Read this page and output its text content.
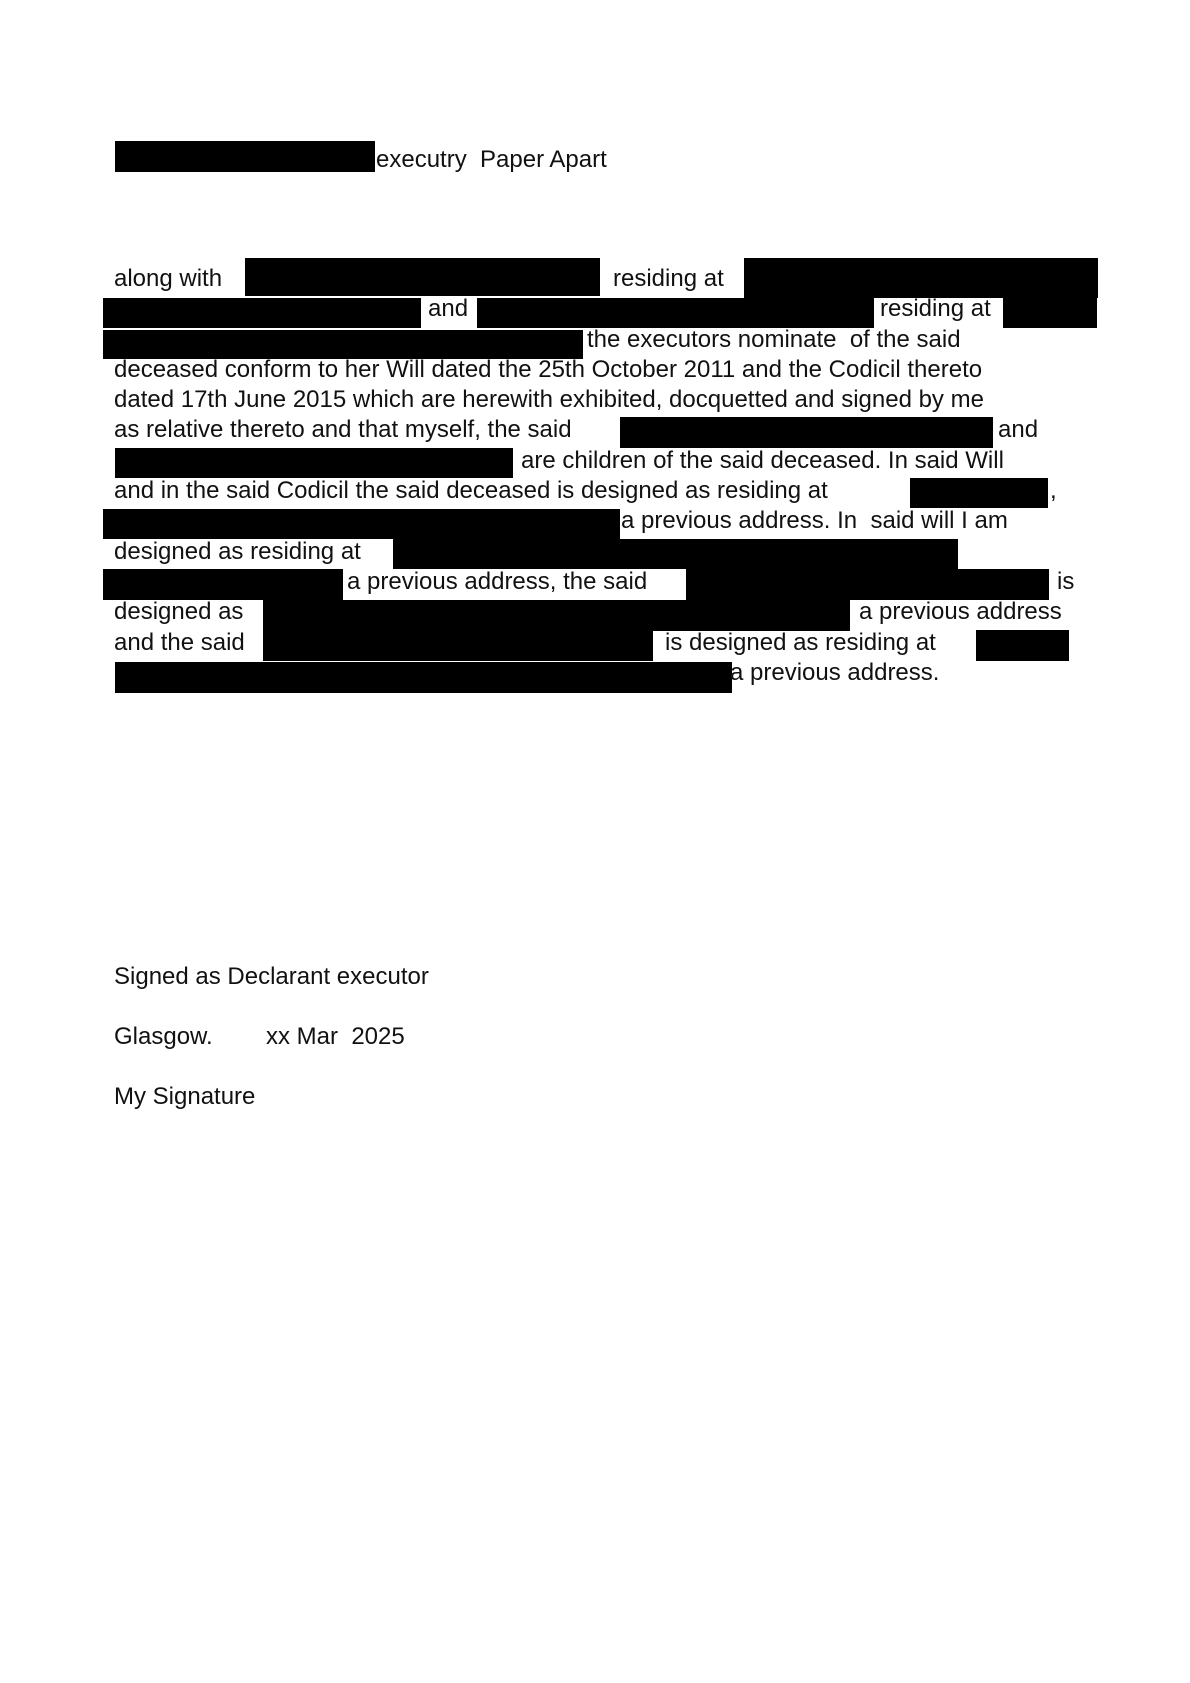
executry  Paper Apart
along with	residing at
and	residing at
the executors nominate  of the said
deceased conform to her Will dated the 25th October 2011 and the Codicil thereto
dated 17th June 2015 which are herewith exhibited, docquetted and signed by me
as relative thereto and that myself, the said	and
are children of the said deceased. In said Will
and in the said Codicil the said deceased is designed as residing at	,
a previous address. In  said will I am
designed as residing at
a previous address, the said	is
designed as	a previous address
and the said	is designed as residing at
a previous address.
Signed as Declarant executor
Glasgow. xx Mar  2025
My Signature
